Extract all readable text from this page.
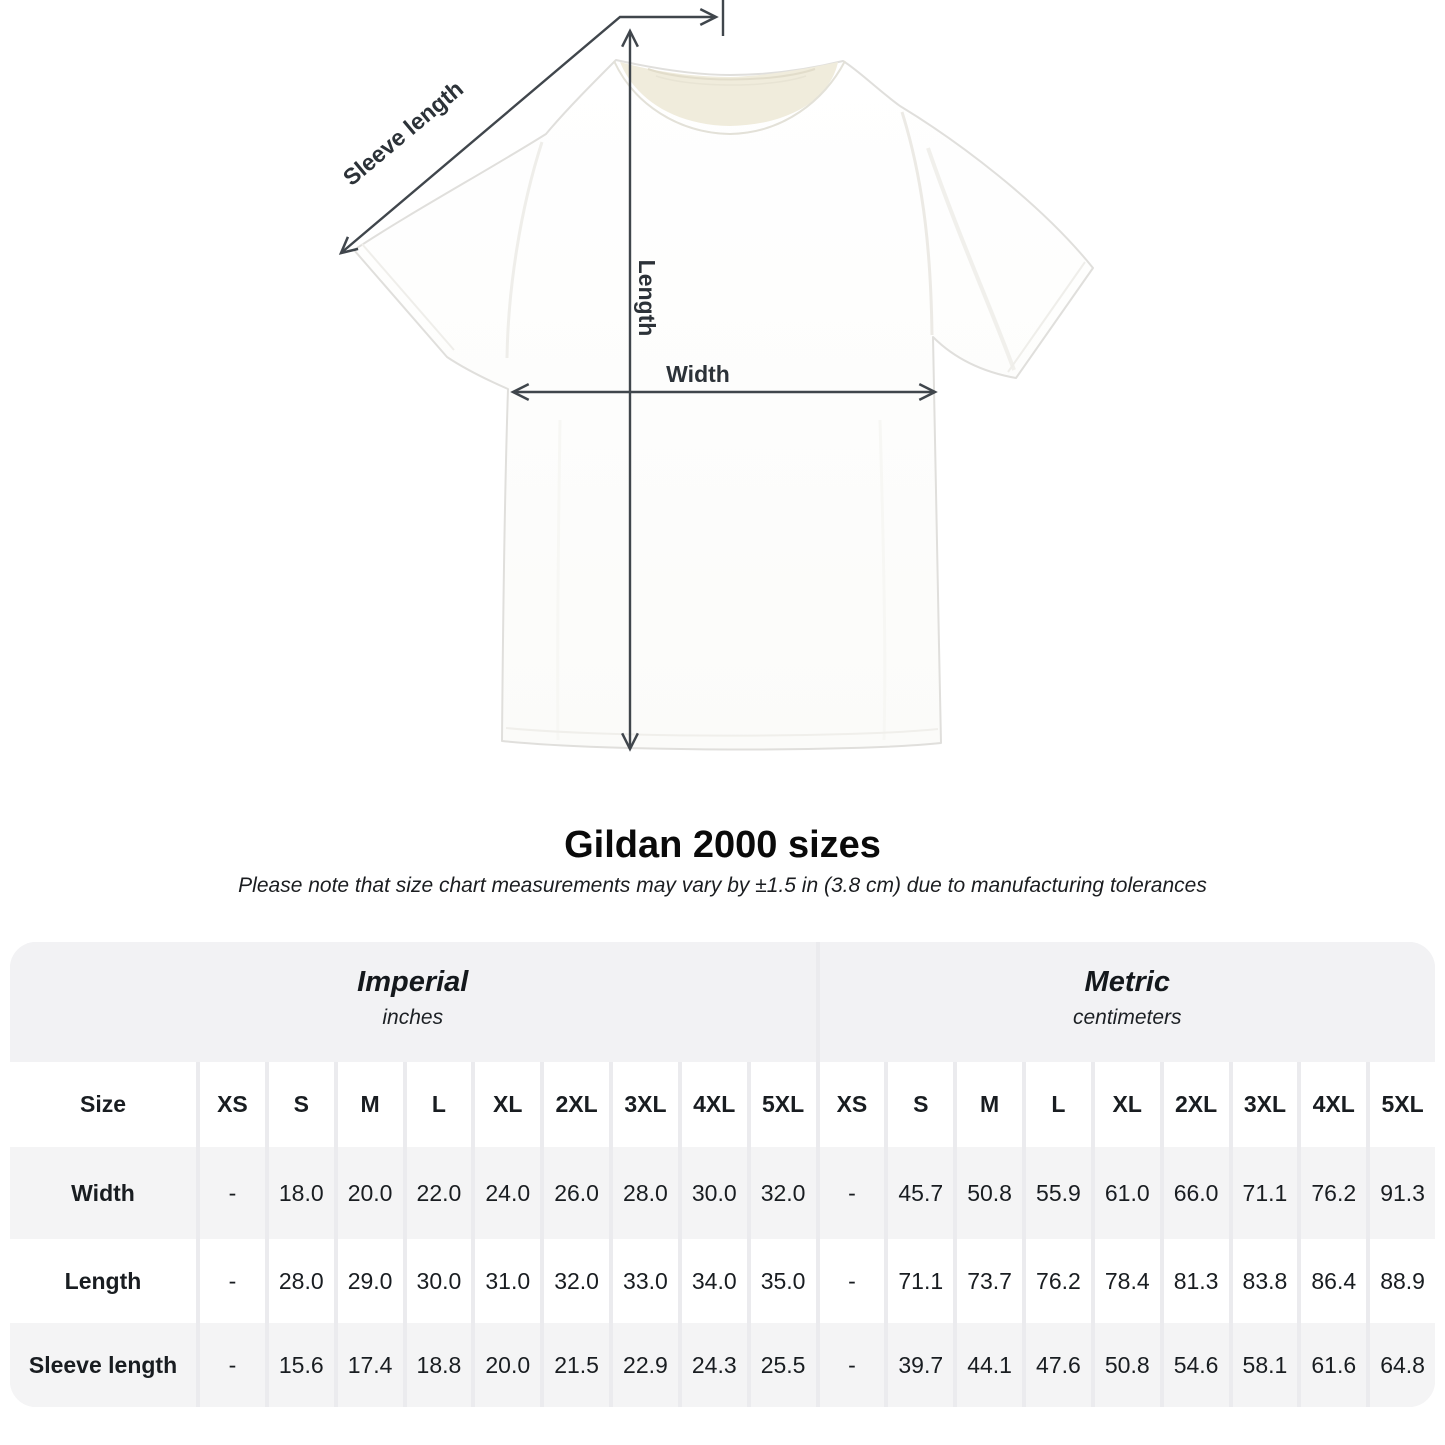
Sleeve length
Length
Width
Gildan 2000 sizes

Please note that size chart measurements may vary by ±1.5 in (3.8 cm) due to manufacturing tolerances

Imperial
inches
Metric
centimeters
Size	XS	S	M	L	XL	2XL	3XL	4XL	5XL	XS	S	M	L	XL	2XL	3XL	4XL	5XL
Width	-	18.0	20.0	22.0	24.0	26.0	28.0	30.0	32.0	-	45.7	50.8	55.9	61.0	66.0	71.1	76.2	91.3
Length	-	28.0	29.0	30.0	31.0	32.0	33.0	34.0	35.0	-	71.1	73.7	76.2	78.4	81.3	83.8	86.4	88.9
Sleeve length	-	15.6	17.4	18.8	20.0	21.5	22.9	24.3	25.5	-	39.7	44.1	47.6	50.8	54.6	58.1	61.6	64.8
